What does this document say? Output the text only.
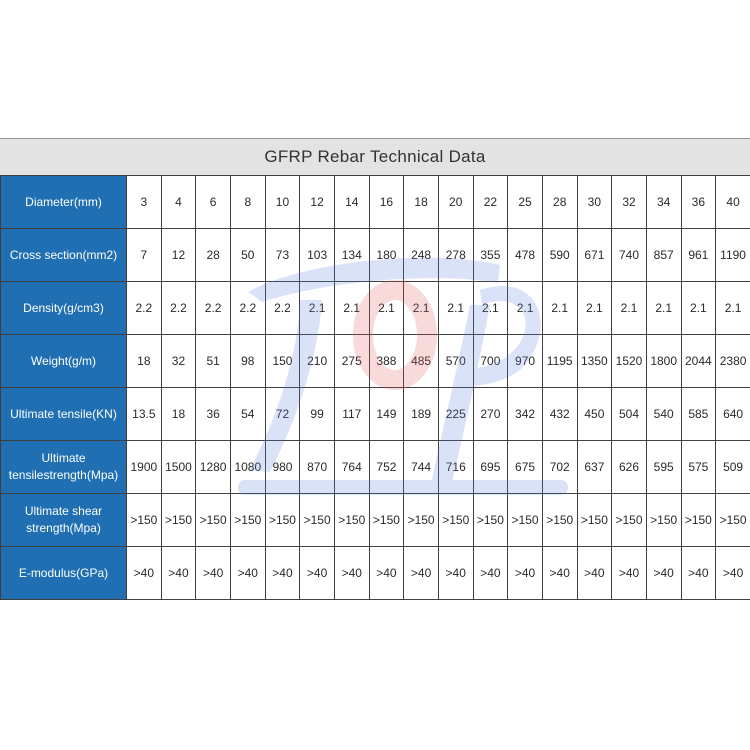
GFRP Rebar Technical Data
Diameter(mm)	3	4	6	8	10	12	14	16	18	20	22	25	28	30	32	34	36	40
Cross section(mm2)	7	12	28	50	73	103	134	180	248	278	355	478	590	671	740	857	961	1190
Density(g/cm3)	2.2	2.2	2.2	2.2	2.2	2.1	2.1	2.1	2.1	2.1	2.1	2.1	2.1	2.1	2.1	2.1	2.1	2.1
Weight(g/m)	18	32	51	98	150	210	275	388	485	570	700	970	1195	1350	1520	1800	2044	2380
Ultimate tensile(KN)	13.5	18	36	54	72	99	117	149	189	225	270	342	432	450	504	540	585	640
Ultimate tensilestrength(Mpa)	1900	1500	1280	1080	980	870	764	752	744	716	695	675	702	637	626	595	575	509
Ultimate shear strength(Mpa)	>150	>150	>150	>150	>150	>150	>150	>150	>150	>150	>150	>150	>150	>150	>150	>150	>150	>150
E-modulus(GPa)	>40	>40	>40	>40	>40	>40	>40	>40	>40	>40	>40	>40	>40	>40	>40	>40	>40	>40
